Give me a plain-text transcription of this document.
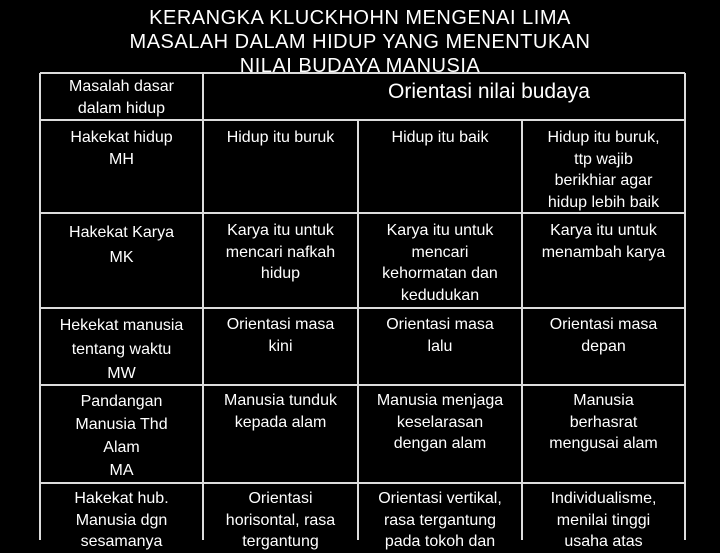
Masalah dasar
dalam hidup
Orientasi nilai budaya
KERANGKA KLUCKHOHN MENGENAI LIMA
MASALAH DALAM HIDUP YANG MENENTUKAN
NILAI BUDAYA MANUSIA
Hakekat hidup
MH
Hidup itu buruk	Hidup itu baik	Hidup itu buruk,
ttp wajib
berikhiar agar
hidup lebih baik
Hakekat Karya
MK
Karya itu untuk
mencari nafkah
hidup
Karya itu untuk
mencari
kehormatan dan
kedudukan
Karya itu untuk
menambah karya
Hekekat manusia
tentang waktu
MW
Orientasi masa
kini
Orientasi masa
lalu
Orientasi masa
depan
Pandangan
Manusia Thd
Alam
MA
Manusia tunduk
kepada alam
Manusia menjaga
keselarasan
dengan alam
Manusia
berhasrat
mengusai alam
Hakekat hub.
Manusia dgn
sesamanya
Orientasi
horisontal, rasa
tergantung
Orientasi vertikal,
rasa tergantung
pada tokoh dan
Individualisme,
menilai tinggi
usaha atas
